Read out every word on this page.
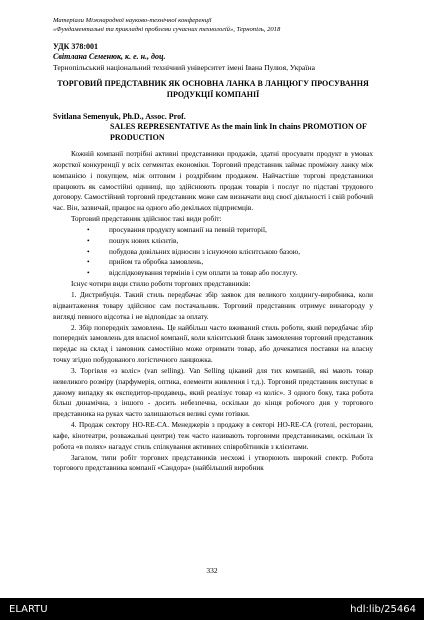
Матеріали Міжнародної науково-технічної конференції
«Фундаментальні та прикладні проблеми сучасних технологій», Тернопіль, 2018
УДК 378:001
Світлана Семенюк, к. е. н., доц.
Тернопільський національний технічний університет імені Івана Пулюя, Україна
ТОРГОВИЙ ПРЕДСТАВНИК ЯК ОСНОВНА ЛАНКА В ЛАНЦЮГУ ПРОСУВАННЯ ПРОДУКЦІЇ КОМПАНІЇ
Svitlana Semenyuk, Ph.D., Assoc. Prof.
SALES REPRESENTATIVE As the main link In chains PROMOTION OF PRODUCTION

Кожній компанії потрібні активні представники продажів, здатні просувати продукт в умовах жорсткої конкуренції у всіх сегментах економіки. Торговий представник займає проміжну ланку між компанією і покупцем, між оптовим і роздрібним продажем. Найчастіше торгові представники працюють як самостійні одиниці, що здійснюють продаж товарів і послуг по підставі трудового договору. Самостійний торговий представник може сам визначати вид своєї діяльності і свій робочий час. Він, зазвичай, працює на одного або декількох підприємців.

Торговий представник здійснює такі види робіт:

•	просування продукту компанії на певній території,
•	пошук нових клієнтів,
•	побудова довільних відносин з існуючою клієнтською базою,
•	прийом та обробка замовлень,
•	відслідковування термінів і сум оплати за товар або послугу.

Існує чотири види стилю роботи торгових представників:

1. Дистрибуція. Такий стиль передбачає збір заявок для великого холдингу-виробника, коли відвантаження товару здійснює сам постачальник. Торговий представник отримує винагороду у вигляді певного відсотка і не відповідає за оплату.

2. Збір попередніх замовлень. Це найбільш часто вживаний стиль роботи, який передбачає збір попередніх замовлень для власної компанії, коли клієнтський бланк замовлення торговий представник передає на склад і замовник самостійно може отримати товар, або дочекатися поставки на власну точку згідно побудованого логістичного ланцюжка.

3. Торгівля «з коліс» (van selling). Van Selling цікавий для тих компаній, які мають товар невеликого розміру (парфумерія, оптика, елементи живлення і т.д.). Торговий представник виступає в даному випадку як експедитор-продавець, який реалізує товар «з коліс». З одного боку, така робота більш динамічна, з іншого - досить небезпечна, оскільки до кінця робочого дня у торгового представника на руках часто залишаються великі суми готівки.

4. Продаж сектору HO-RE-CA. Менеджерів з продажу в секторі HO-RE-CA (готелі, ресторани, кафе, кінотеатри, розважальні центри) теж часто називають торговими представниками, оскільки їх робота «в полях» нагадує стиль спілкування активних співробітників з клієнтами.

Загалом, типи робіт торгових представників несхожі і утворюють широкий спектр. Робота торгового представника компанії «Сандора» (найбільший виробник

332
ELARTU	hdl:lib/25464
